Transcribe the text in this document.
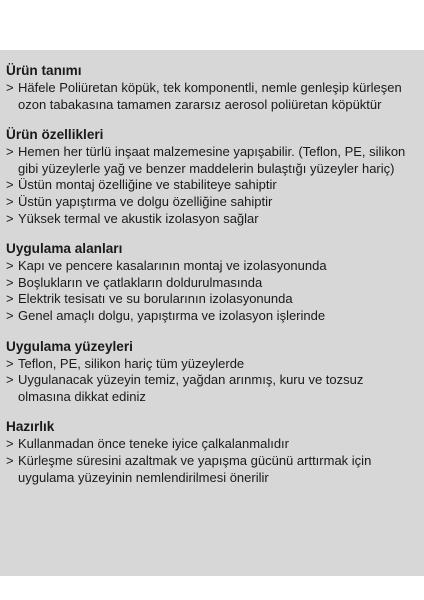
Ürün tanımı
> Häfele Poliüretan köpük, tek komponentli, nemle genleşip kürleşen ozon tabakasına tamamen zararsız aerosol poliüretan köpüktür
Ürün özellikleri
> Hemen her türlü inşaat malzemesine yapışabilir. (Teflon, PE, silikon gibi yüzeylerle yağ ve benzer maddelerin bulaştığı yüzeyler hariç)
> Üstün montaj özelliğine ve stabiliteye sahiptir
> Üstün yapıştırma ve dolgu özelliğine sahiptir
> Yüksek termal ve akustik izolasyon sağlar
Uygulama alanları
> Kapı ve pencere kasalarının montaj ve izolasyonunda
> Boşlukların ve çatlakların doldurulmasında
> Elektrik tesisatı ve su borularının izolasyonunda
> Genel amaçlı dolgu, yapıştırma ve izolasyon işlerinde
Uygulama yüzeyleri
> Teflon, PE, silikon hariç tüm yüzeylerde
> Uygulanacak yüzeyin temiz, yağdan arınmış, kuru ve tozsuz olmasına dikkat ediniz
Hazırlık
> Kullanmadan önce teneke iyice çalkalanmalıdır
> Kürleşme süresini azaltmak ve yapışma gücünü arttırmak için uygulama yüzeyinin nemlendirilmesi önerilir
